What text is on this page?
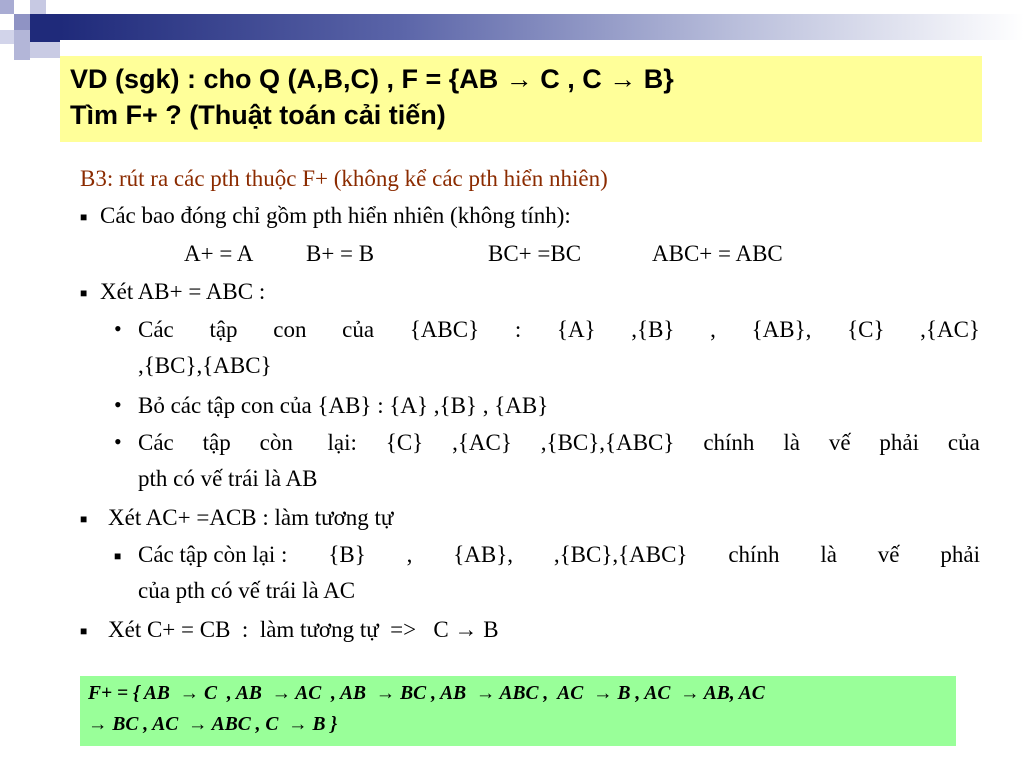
VD (sgk) : cho Q (A,B,C) , F = {AB → C , C → B}
Tìm F+ ? (Thuật toán cải tiến)
B3: rút ra các pth thuộc F+ (không kể các pth hiển nhiên)
■ Các bao đóng chỉ gồm pth hiển nhiên (không tính):
A+ = A B+ = B	BC+ =BC	ABC+ = ABC
■ Xét AB+ = ABC :
• Các tập con của {ABC} : {A} ,{B} , {AB}, {C} ,{AC}
,{BC},{ABC}
• Bỏ các tập con của {AB} : {A} ,{B} , {AB}
• Các tập còn lại: {C} ,{AC} ,{BC},{ABC} chính là vế phải của
pth có vế trái là AB
■ Xét AC+ =ACB : làm tương tự
■ Các tập còn lại : {B} , {AB}, ,{BC},{ABC} chính là vế phải
của pth có vế trái là AC
■ Xét C+ = CB  :  làm tương tự  =>   C → B
F+ = { AB  → C  , AB  → AC  , AB  → BC , AB  → ABC ,  AC  → B , AC  → AB, AC
→ BC , AC  → ABC , C  → B }
